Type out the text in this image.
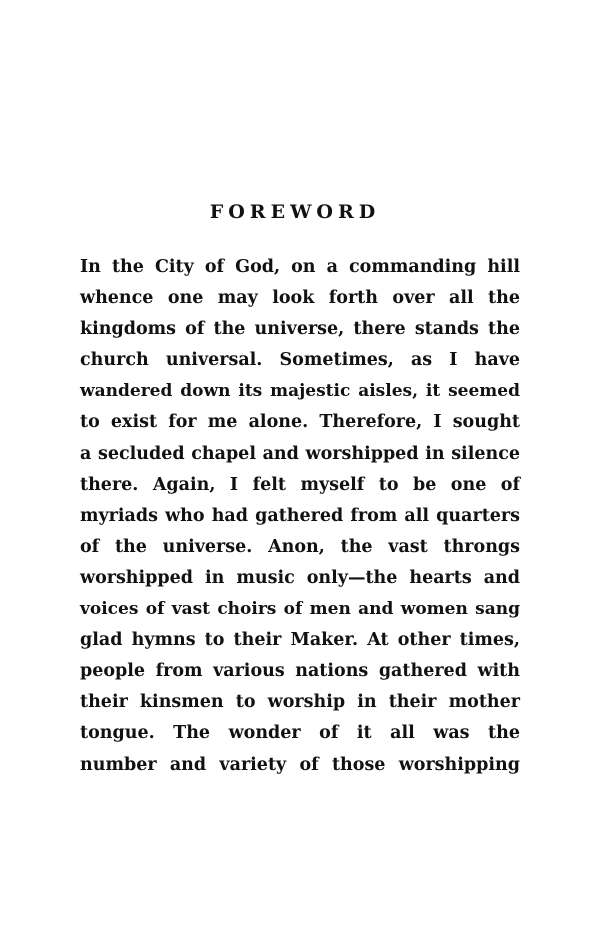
FOREWORD
In the City of God, on a commanding hill
whence one may look forth over all the
kingdoms of the universe, there stands the
church universal. Sometimes, as I have
wandered down its majestic aisles, it seemed
to exist for me alone. Therefore, I sought
a secluded chapel and worshipped in silence
there. Again, I felt myself to be one of
myriads who had gathered from all quarters
of the universe. Anon, the vast throngs
worshipped in music only—the hearts and
voices of vast choirs of men and women sang
glad hymns to their Maker. At other times,
people from various nations gathered with
their kinsmen to worship in their mother
tongue. The wonder of it all was the
number and variety of those worshipping
